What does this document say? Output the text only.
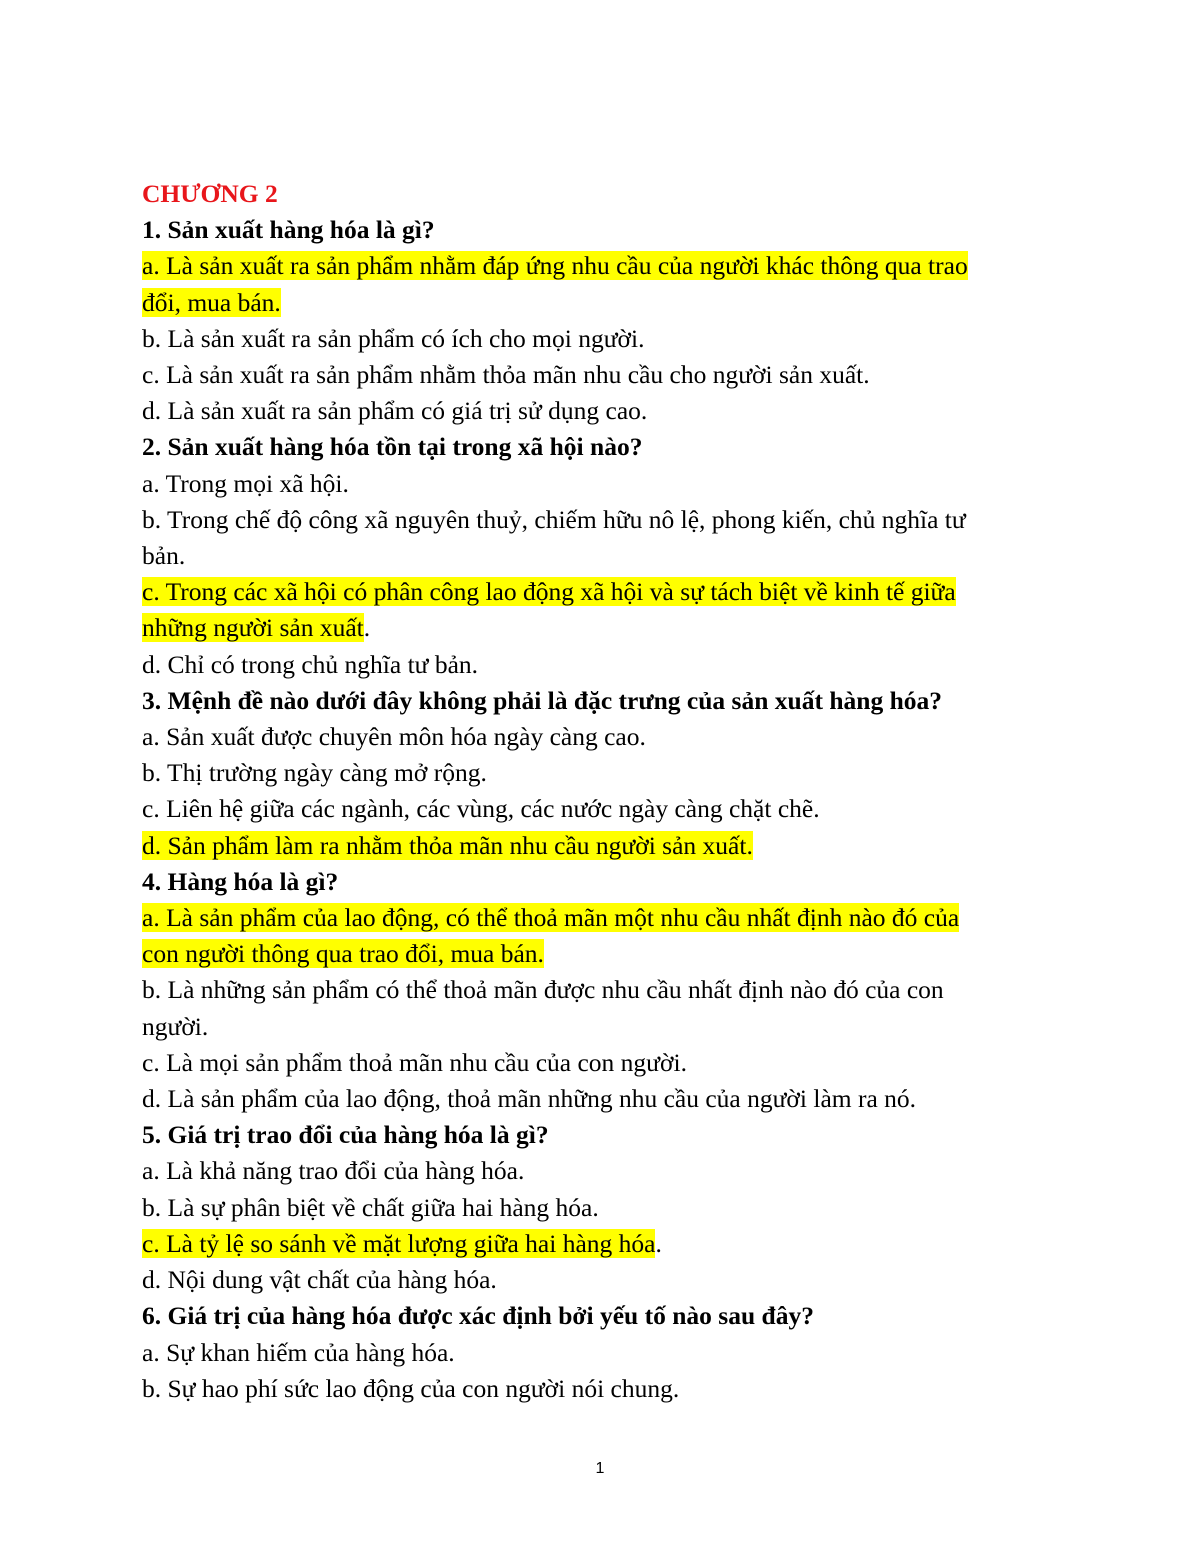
CHƯƠNG 2
1. Sản xuất hàng hóa là gì?
a. Là sản xuất ra sản phẩm nhằm đáp ứng nhu cầu của người khác thông qua trao
đổi, mua bán.
b. Là sản xuất ra sản phẩm có ích cho mọi người.
c. Là sản xuất ra sản phẩm nhằm thỏa mãn nhu cầu cho người sản xuất.
d. Là sản xuất ra sản phẩm có giá trị sử dụng cao.
2. Sản xuất hàng hóa tồn tại trong xã hội nào?
a. Trong mọi xã hội.
b. Trong chế độ công xã nguyên thuỷ, chiếm hữu nô lệ, phong kiến, chủ nghĩa tư
bản.
c. Trong các xã hội có phân công lao động xã hội và sự tách biệt về kinh tế giữa
những người sản xuất.
d. Chỉ có trong chủ nghĩa tư bản.
3. Mệnh đề nào dưới đây không phải là đặc trưng của sản xuất hàng hóa?
a. Sản xuất được chuyên môn hóa ngày càng cao.
b. Thị trường ngày càng mở rộng.
c. Liên hệ giữa các ngành, các vùng, các nước ngày càng chặt chẽ.
d. Sản phẩm làm ra nhằm thỏa mãn nhu cầu người sản xuất.
4. Hàng hóa là gì?
a. Là sản phẩm của lao động, có thể thoả mãn một nhu cầu nhất định nào đó của
con người thông qua trao đổi, mua bán.
b. Là những sản phẩm có thể thoả mãn được nhu cầu nhất định nào đó của con
người.
c. Là mọi sản phẩm thoả mãn nhu cầu của con người.
d. Là sản phẩm của lao động, thoả mãn những nhu cầu của người làm ra nó.
5. Giá trị trao đổi của hàng hóa là gì?
a. Là khả năng trao đổi của hàng hóa.
b. Là sự phân biệt về chất giữa hai hàng hóa.
c. Là tỷ lệ so sánh về mặt lượng giữa hai hàng hóa.
d. Nội dung vật chất của hàng hóa.
6. Giá trị của hàng hóa được xác định bởi yếu tố nào sau đây?
a. Sự khan hiếm của hàng hóa.
b. Sự hao phí sức lao động của con người nói chung.
1
